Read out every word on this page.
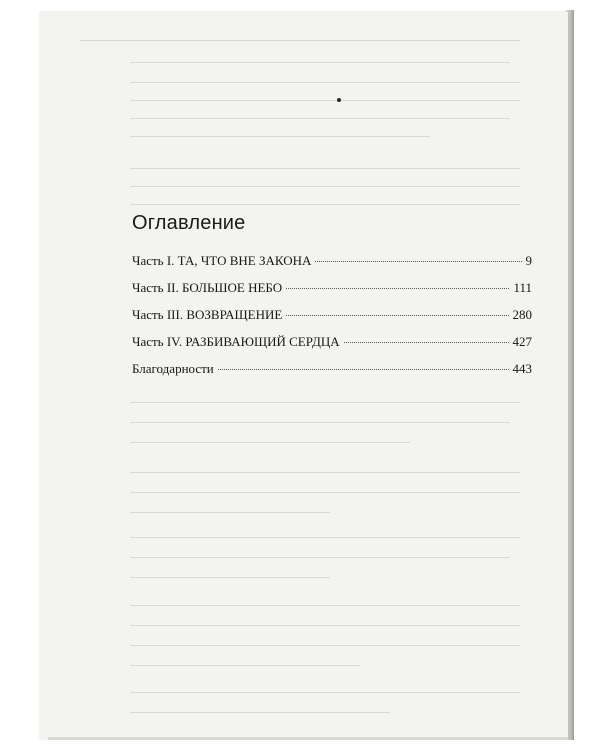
Оглавление
Часть I. ТА, ЧТО ВНЕ ЗАКОНА	9
Часть II. БОЛЬШОЕ НЕБО	111
Часть III. ВОЗВРАЩЕНИЕ	280
Часть IV. РАЗБИВАЮЩИЙ СЕРДЦА	427
Благодарности	443
